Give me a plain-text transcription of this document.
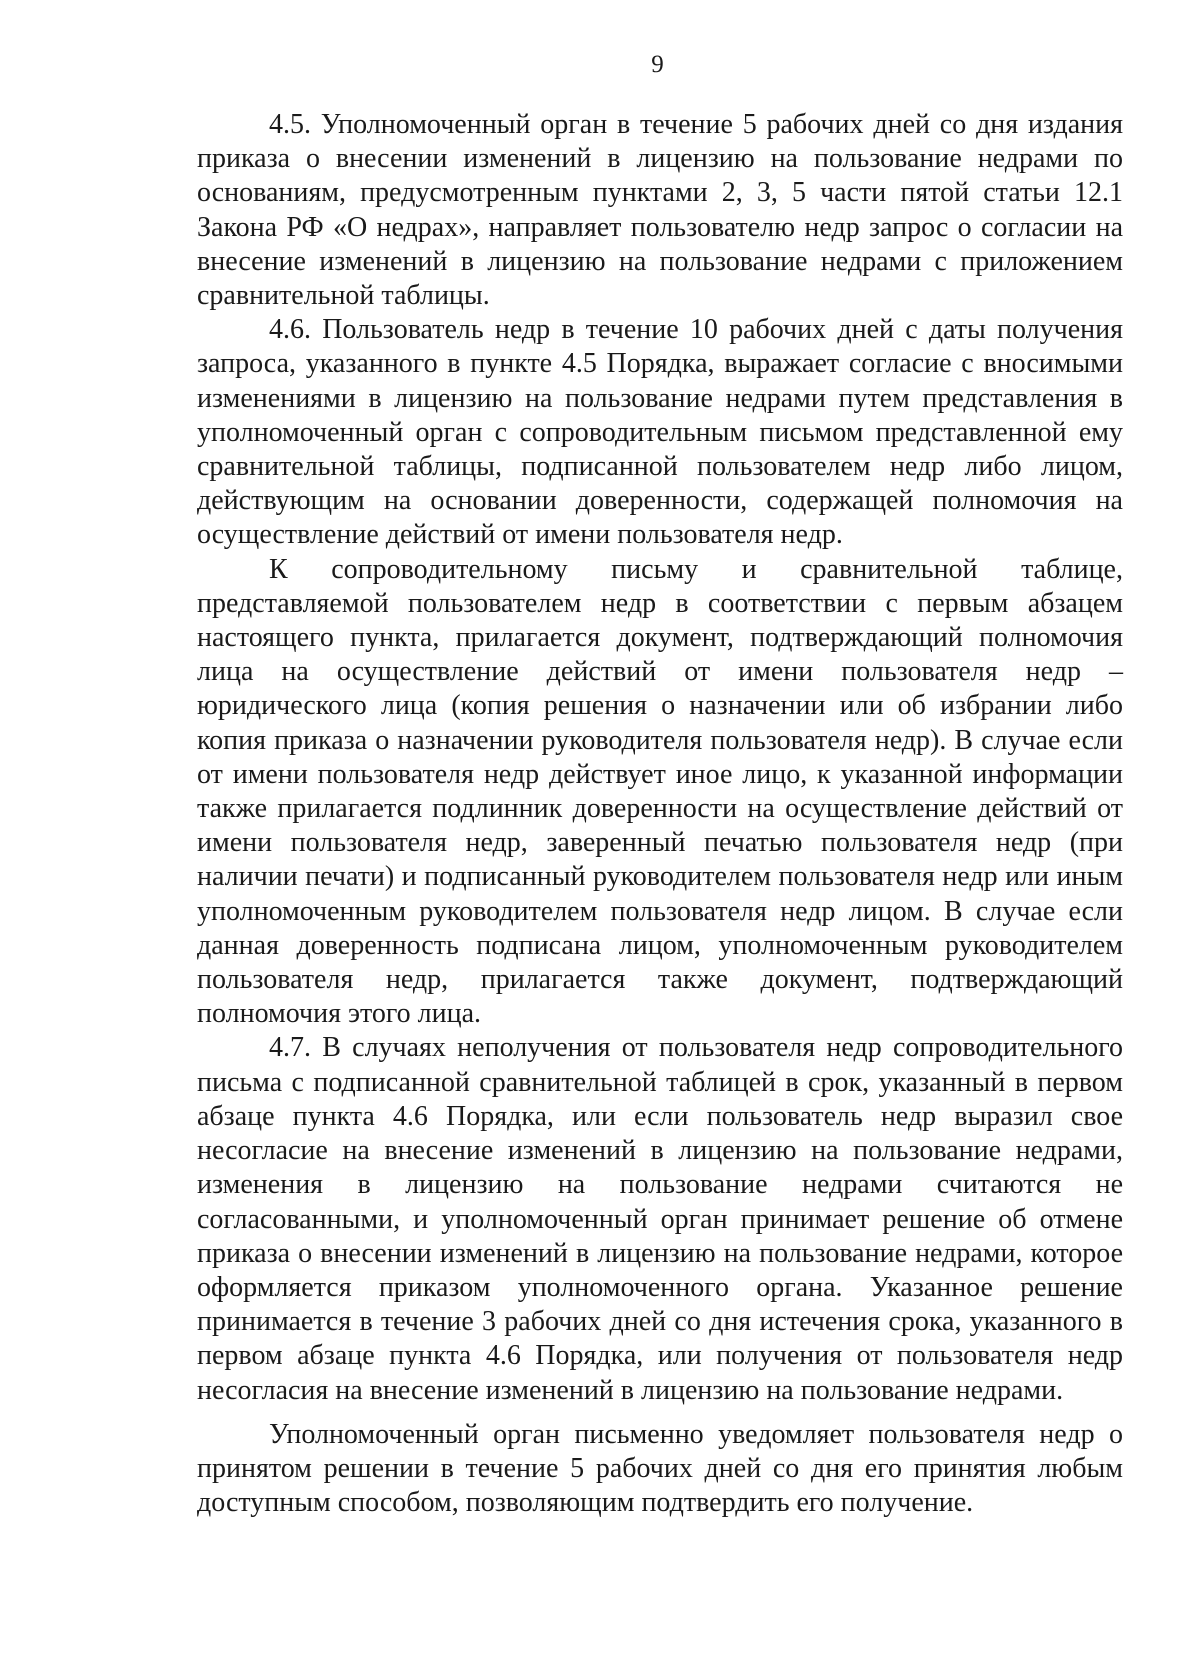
9

4.5. Уполномоченный орган в течение 5 рабочих дней со дня издания приказа о внесении изменений в лицензию на пользование недрами по основаниям, предусмотренным пунктами 2, 3, 5 части пятой статьи 12.1 Закона РФ «О недрах», направляет пользователю недр запрос о согласии на внесение изменений в лицензию на пользование недрами с приложением сравнительной таблицы.

4.6. Пользователь недр в течение 10 рабочих дней с даты получения запроса, указанного в пункте 4.5 Порядка, выражает согласие с вносимыми изменениями в лицензию на пользование недрами путем представления в уполномоченный орган с сопроводительным письмом представленной ему сравнительной таблицы, подписанной пользователем недр либо лицом, действующим на основании доверенности, содержащей полномочия на осуществление действий от имени пользователя недр.

К сопроводительному письму и сравнительной таблице, представляемой пользователем недр в соответствии с первым абзацем настоящего пункта, прилагается документ, подтверждающий полномочия лица на осуществление действий от имени пользователя недр – юридического лица (копия решения о назначении или об избрании либо копия приказа о назначении руководителя пользователя недр). В случае если от имени пользователя недр действует иное лицо, к указанной информации также прилагается подлинник доверенности на осуществление действий от имени пользователя недр, заверенный печатью пользователя недр (при наличии печати) и подписанный руководителем пользователя недр или иным уполномоченным руководителем пользователя недр лицом. В случае если данная доверенность подписана лицом, уполномоченным руководителем пользователя недр, прилагается также документ, подтверждающий полномочия этого лица.

4.7. В случаях неполучения от пользователя недр сопроводительного письма с подписанной сравнительной таблицей в срок, указанный в первом абзаце пункта 4.6 Порядка, или если пользователь недр выразил свое несогласие на внесение изменений в лицензию на пользование недрами, изменения в лицензию на пользование недрами считаются не согласованными, и уполномоченный орган принимает решение об отмене приказа о внесении изменений в лицензию на пользование недрами, которое оформляется приказом уполномоченного органа. Указанное решение принимается в течение 3 рабочих дней со дня истечения срока, указанного в первом абзаце пункта 4.6 Порядка, или получения от пользователя недр несогласия на внесение изменений в лицензию на пользование недрами.

Уполномоченный орган письменно уведомляет пользователя недр о принятом решении в течение 5 рабочих дней со дня его принятия любым доступным способом, позволяющим подтвердить его получение.
